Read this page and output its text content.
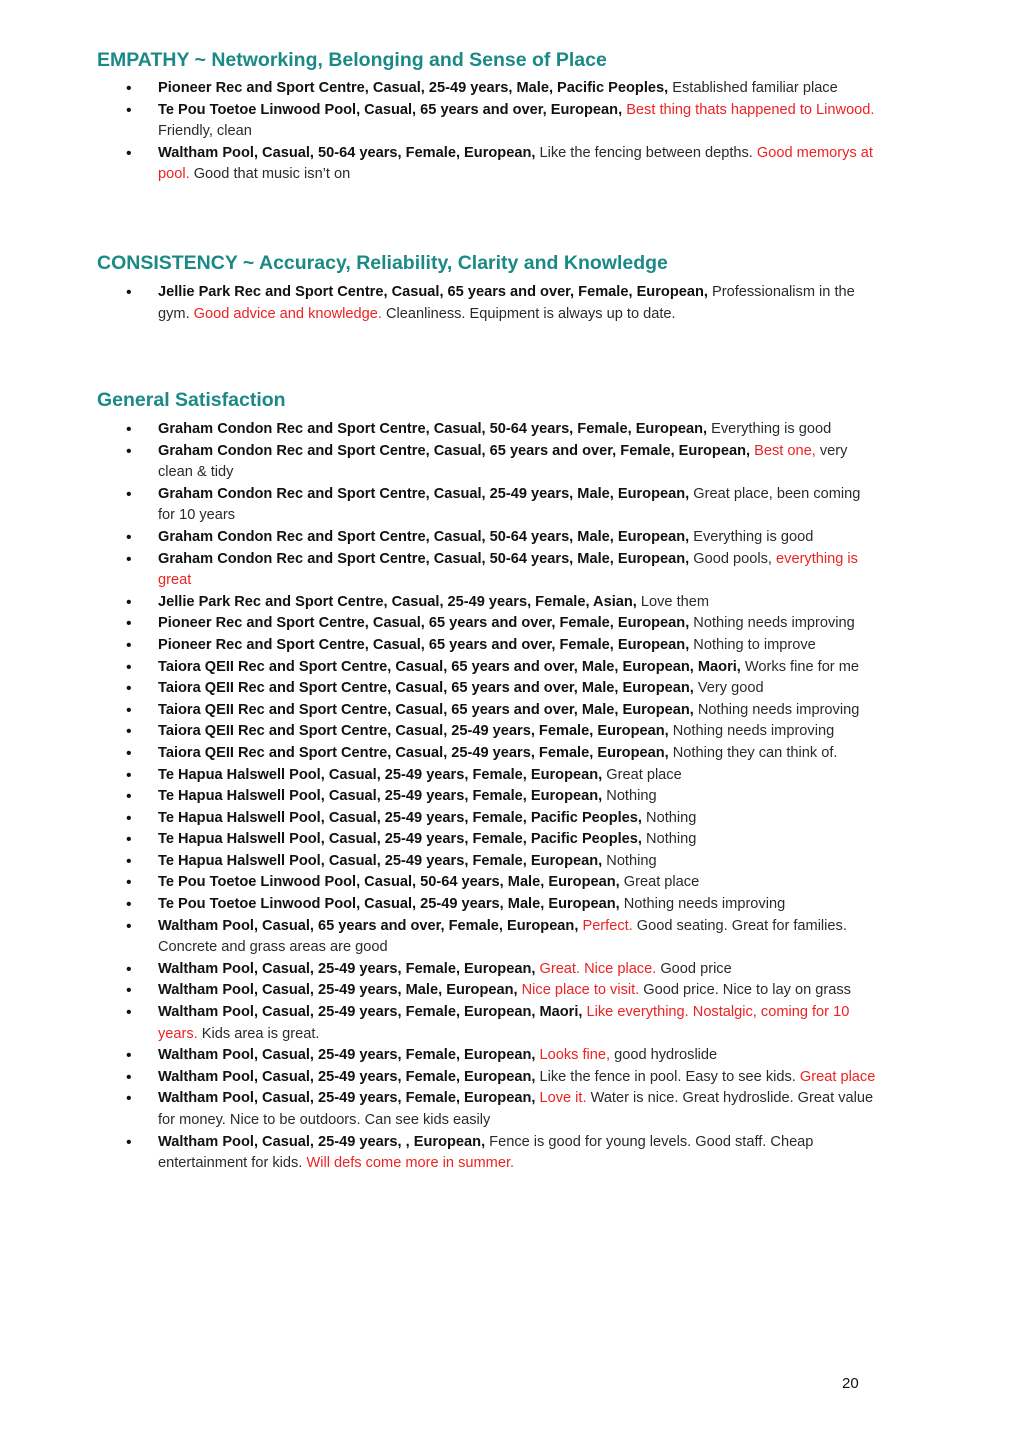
EMPATHY ~ Networking, Belonging and Sense of Place
• Pioneer Rec and Sport Centre, Casual, 25-49 years, Male, Pacific Peoples, Established familiar place
• Te Pou Toetoe Linwood Pool, Casual, 65 years and over, European, Best thing thats happened to Linwood. Friendly, clean
• Waltham Pool, Casual, 50-64 years, Female, European, Like the fencing between depths. Good memorys at pool. Good that music isn’t on
CONSISTENCY ~ Accuracy, Reliability, Clarity and Knowledge
• Jellie Park Rec and Sport Centre, Casual, 65 years and over, Female, European, Professionalism in the gym. Good advice and knowledge. Cleanliness. Equipment is always up to date.
General Satisfaction
• Graham Condon Rec and Sport Centre, Casual, 50-64 years, Female, European, Everything is good
• Graham Condon Rec and Sport Centre, Casual, 65 years and over, Female, European, Best one, very clean & tidy
• Graham Condon Rec and Sport Centre, Casual, 25-49 years, Male, European, Great place, been coming for 10 years
• Graham Condon Rec and Sport Centre, Casual, 50-64 years, Male, European, Everything is good
• Graham Condon Rec and Sport Centre, Casual, 50-64 years, Male, European, Good pools, everything is great
• Jellie Park Rec and Sport Centre, Casual, 25-49 years, Female, Asian, Love them
• Pioneer Rec and Sport Centre, Casual, 65 years and over, Female, European, Nothing needs improving
• Pioneer Rec and Sport Centre, Casual, 65 years and over, Female, European, Nothing to improve
• Taiora QEII Rec and Sport Centre, Casual, 65 years and over, Male, European, Maori, Works fine for me
• Taiora QEII Rec and Sport Centre, Casual, 65 years and over, Male, European, Very good
• Taiora QEII Rec and Sport Centre, Casual, 65 years and over, Male, European, Nothing needs improving
• Taiora QEII Rec and Sport Centre, Casual, 25-49 years, Female, European, Nothing needs improving
• Taiora QEII Rec and Sport Centre, Casual, 25-49 years, Female, European, Nothing they can think of.
• Te Hapua Halswell Pool, Casual, 25-49 years, Female, European, Great place
• Te Hapua Halswell Pool, Casual, 25-49 years, Female, European, Nothing
• Te Hapua Halswell Pool, Casual, 25-49 years, Female, Pacific Peoples, Nothing
• Te Hapua Halswell Pool, Casual, 25-49 years, Female, Pacific Peoples, Nothing
• Te Hapua Halswell Pool, Casual, 25-49 years, Female, European, Nothing
• Te Pou Toetoe Linwood Pool, Casual, 50-64 years, Male, European, Great place
• Te Pou Toetoe Linwood Pool, Casual, 25-49 years, Male, European, Nothing needs improving
• Waltham Pool, Casual, 65 years and over, Female, European, Perfect. Good seating. Great for families. Concrete and grass areas are good
• Waltham Pool, Casual, 25-49 years, Female, European, Great. Nice place. Good price
• Waltham Pool, Casual, 25-49 years, Male, European, Nice place to visit. Good price. Nice to lay on grass
• Waltham Pool, Casual, 25-49 years, Female, European, Maori, Like everything. Nostalgic, coming for 10 years. Kids area is great.
• Waltham Pool, Casual, 25-49 years, Female, European, Looks fine, good hydroslide
• Waltham Pool, Casual, 25-49 years, Female, European, Like the fence in pool. Easy to see kids. Great place
• Waltham Pool, Casual, 25-49 years, Female, European, Love it. Water is nice. Great hydroslide. Great value for money. Nice to be outdoors. Can see kids easily
• Waltham Pool, Casual, 25-49 years, , European, Fence is good for young levels. Good staff. Cheap entertainment for kids. Will defs come more in summer.
20
